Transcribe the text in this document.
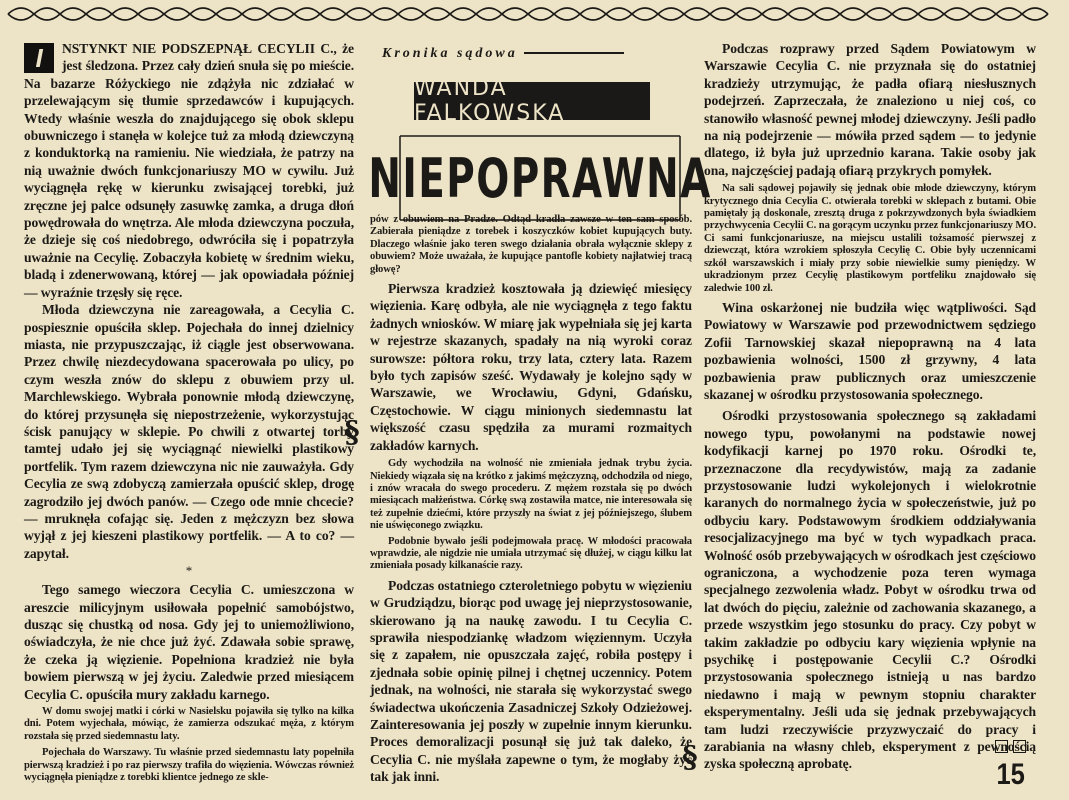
I	NSTYNKT NIE PODSZEPNĄŁ CECYLII C., że jest śledzona. Przez cały dzień snuła się po mieście. Na bazarze Różyckiego nie zdążyła nic zdziałać w przelewającym się tłumie sprzedawców i kupujących. Wtedy właśnie weszła do znajdującego się obok sklepu obuwniczego i stanęła w kolejce tuż za młodą dziewczyną z konduktorką na ramieniu. Nie wiedziała, że patrzy na nią uważnie dwóch funkcjonariuszy MO w cywilu. Już wyciągnęła rękę w kierunku zwisającej torebki, już zręczne jej palce odsunęły zasuwkę zamka, a druga dłoń powędrowała do wnętrza. Ale młoda dziewczyna poczuła, że dzieje się coś niedobrego, odwróciła się i popatrzyła uważnie na Cecylię. Zobaczyła kobietę w średnim wieku, bladą i zdenerwowaną, której — jak opowiadała później — wyraźnie trzęsły się ręce.

Młoda dziewczyna nie zareagowała, a Cecylia C. pospiesznie opuściła sklep. Pojechała do innej dzielnicy miasta, nie przypuszczając, iż ciągle jest obserwowana. Przez chwilę niezdecydowana spacerowała po ulicy, po czym weszła znów do sklepu z obuwiem przy ul. Marchlewskiego. Wybrała ponownie młodą dziewczynę, do której przysunęła się niepostrzeżenie, wykorzystując ścisk panujący w sklepie. Po chwili z otwartej torby tamtej udało jej się wyciągnąć niewielki plastikowy portfelik. Tym razem dziewczyna nic nie zauważyła. Gdy Cecylia ze swą zdobyczą zamierzała opuścić sklep, drogę zagrodziło jej dwóch panów. — Czego ode mnie chcecie? — mruknęła cofając się. Jeden z mężczyzn bez słowa wyjął z jej kieszeni plastikowy portfelik. — A to co? — zapytał.

*

Tego samego wieczora Cecylia C. umieszczona w areszcie milicyjnym usiłowała popełnić samobójstwo, dusząc się chustką od nosa. Gdy jej to uniemożliwiono, oświadczyła, że nie chce już żyć. Zdawała sobie sprawę, że czeka ją więzienie. Popełniona kradzież nie była bowiem pierwszą w jej życiu. Zaledwie przed miesiącem Cecylia C. opuściła mury zakładu karnego.

W domu swojej matki i córki w Nasielsku pojawiła się tylko na kilka dni. Potem wyjechała, mówiąc, że zamierza odszukać męża, z którym rozstała się przed siedemnastu laty.

Pojechała do Warszawy. Tu właśnie przed siedemnastu laty popełniła pierwszą kradzież i po raz pierwszy trafiła do więzienia. Wówczas również wyciągnęła pieniądze z torebki klientce jednego ze skle-

Kronika sądowa
WANDA FALKOWSKA
NIEPOPRAWNA

pów z obuwiem na Pradze. Odtąd kradła zawsze w ten sam sposób. Zabierała pieniądze z torebek i koszyczków kobiet kupujących buty. Dlaczego właśnie jako teren swego działania obrała wyłącznie sklepy z obuwiem? Może uważała, że kupujące pantofle kobiety najłatwiej tracą głowę?

Pierwsza kradzież kosztowała ją dziewięć miesięcy więzienia. Karę odbyła, ale nie wyciągnęła z tego faktu żadnych wniosków. W miarę jak wypełniała się jej karta w rejestrze skazanych, spadały na nią wyroki coraz surowsze: półtora roku, trzy lata, cztery lata. Razem było tych zapisów sześć. Wydawały je kolejno sądy w Warszawie, we Wrocławiu, Gdyni, Gdańsku, Częstochowie. W ciągu minionych siedemnastu lat większość czasu spędziła za murami rozmaitych zakładów karnych.

Gdy wychodziła na wolność nie zmieniała jednak trybu życia. Niekiedy wiązała się na krótko z jakimś mężczyzną, odchodziła od niego, i znów wracała do swego procederu. Z mężem rozstała się po dwóch miesiącach małżeństwa. Córkę swą zostawiła matce, nie interesowała się też zupełnie dziećmi, które przyszły na świat z jej późniejszego, ślubem nie uświęconego związku.

Podobnie bywało jeśli podejmowała pracę. W młodości pracowała wprawdzie, ale nigdzie nie umiała utrzymać się dłużej, w ciągu kilku lat zmieniała posady kilkanaście razy.

Podczas ostatniego czteroletniego pobytu w więzieniu w Grudziądzu, biorąc pod uwagę jej nieprzystosowanie, skierowano ją na naukę zawodu. I tu Cecylia C. sprawiła niespodziankę władzom więziennym. Uczyła się z zapałem, nie opuszczała zajęć, robiła postępy i zjednała sobie opinię pilnej i chętnej uczennicy. Potem jednak, na wolności, nie starała się wykorzystać swego świadectwa ukończenia Zasadniczej Szkoły Odzieżowej. Zainteresowania jej poszły w zupełnie innym kierunku. Proces demoralizacji posunął się już tak daleko, że Cecylia C. nie myślała zapewne o tym, że mogłaby żyć tak jak inni.

§
§

Podczas rozprawy przed Sądem Powiatowym w Warszawie Cecylia C. nie przyznała się do ostatniej kradzieży utrzymując, że padła ofiarą niesłusznych podejrzeń. Zaprzeczała, że znaleziono u niej coś, co stanowiło własność pewnej młodej dziewczyny. Jeśli padło na nią podejrzenie — mówiła przed sądem — to jedynie dlatego, iż była już uprzednio karana. Takie osoby jak ona, najczęściej padają ofiarą przykrych pomyłek.

Na sali sądowej pojawiły się jednak obie młode dziewczyny, którym krytycznego dnia Cecylia C. otwierała torebki w sklepach z butami. Obie pamiętały ją doskonale, zresztą druga z pokrzywdzonych była świadkiem przychwycenia Cecylii C. na gorącym uczynku przez funkcjonariuszy MO. Ci sami funkcjonariusze, na miejscu ustalili tożsamość pierwszej z dziewcząt, która wzrokiem spłoszyła Cecylię C. Obie były uczennicami szkół warszawskich i miały przy sobie niewielkie sumy pieniędzy. W ukradzionym przez Cecylię plastikowym portfeliku znajdowało się zaledwie 100 zł.

Wina oskarżonej nie budziła więc wątpliwości. Sąd Powiatowy w Warszawie pod przewodnictwem sędziego Zofii Tarnowskiej skazał niepoprawną na 4 lata pozbawienia wolności, 1500 zł grzywny, 4 lata pozbawienia praw publicznych oraz umieszczenie skazanej w ośrodku przystosowania społecznego.

Ośrodki przystosowania społecznego są zakładami nowego typu, powołanymi na podstawie nowej kodyfikacji karnej po 1970 roku. Ośrodki te, przeznaczone dla recydywistów, mają za zadanie przystosowanie ludzi wykolejonych i wielokrotnie karanych do normalnego życia w społeczeństwie, już po odbyciu kary. Podstawowym środkiem oddziaływania resocjalizacyjnego ma być w tych wypadkach praca. Wolność osób przebywających w ośrodkach jest częściowo ograniczona, a wychodzenie poza teren wymaga specjalnego zezwolenia władz. Pobyt w ośrodku trwa od lat dwóch do pięciu, zależnie od zachowania skazanego, a przede wszystkim jego stosunku do pracy. Czy pobyt w takim zakładzie po odbyciu kary więzienia wpłynie na psychikę i postępowanie Cecylii C.? Ośrodki przystosowania społecznego istnieją u nas bardzo niedawno i mają w pewnym stopniu charakter eksperymentalny. Jeśli uda się jednak przebywających tam ludzi rzeczywiście przyzwyczaić do pracy i zarabiania na własny chleb, eksperyment z pewnością zyska społeczną aprobatę.	15
